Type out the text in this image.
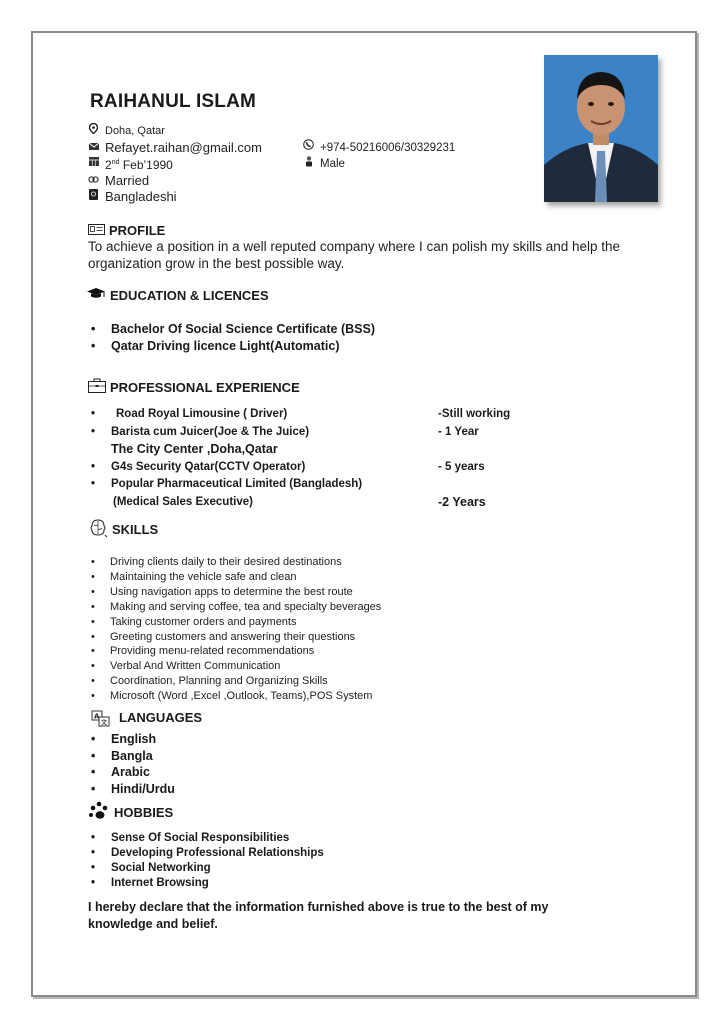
RAIHANUL ISLAM
Doha, Qatar
Refayet.raihan@gmail.com
2nd Feb’1990
Married
Bangladeshi
+974-50216006/30329231
Male
PROFILE
To achieve a position in a well reputed company where I can polish my skills and help the organization grow in the best possible way.
EDUCATION & LICENCES
• Bachelor Of Social Science Certificate (BSS)
• Qatar Driving licence Light(Automatic)
PROFESSIONAL EXPERIENCE
• Road Royal Limousine ( Driver)	-Still working
• Barista cum Juicer(Joe & The Juice)	- 1 Year
The City Center ,Doha,Qatar
• G4s Security Qatar(CCTV Operator)	- 5 years
• Popular Pharmaceutical Limited (Bangladesh)
(Medical Sales Executive)	-2 Years
SKILLS
• Driving clients daily to their desired destinations
• Maintaining the vehicle safe and clean
• Using navigation apps to determine the best route
• Making and serving coffee, tea and specialty beverages
• Taking customer orders and payments
• Greeting customers and answering their questions
• Providing menu-related recommendations
• Verbal And Written Communication
• Coordination, Planning and Organizing Skills
• Microsoft (Word ,Excel ,Outlook, Teams),POS System
A
文 LANGUAGES
• English
• Bangla
• Arabic
• Hindi/Urdu
HOBBIES
• Sense Of Social Responsibilities
• Developing Professional Relationships
• Social Networking
• Internet Browsing
I hereby declare that the information furnished above is true to the best of my knowledge and belief.
